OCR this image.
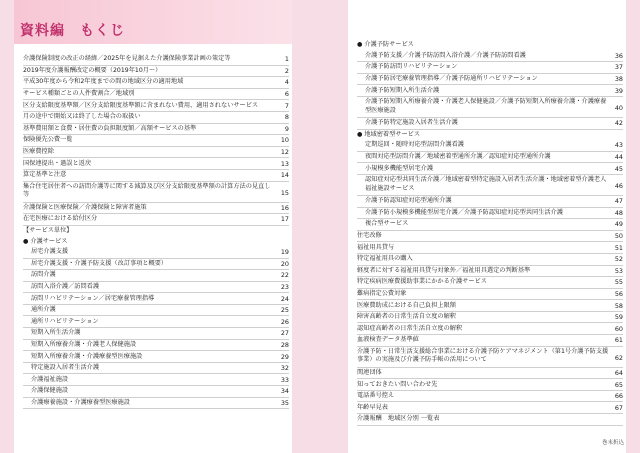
資料編　もくじ
介護保険制度の改正の経緯／2025年を見据えた介護保険事業計画の策定等	1
2019年度介護報酬改定の概要（2019年10月～）	2
平成30年度から令和2年度までの間の地域区分の適用地域	4
サービス種類ごとの人件費割合／地域別	6
区分支給限度基準額／区分支給限度基準額に含まれない費用、適用されないサービス	7
月の途中で開始又は終了した場合の取扱い	8
基準費用額と食費・居住費の負担限度額／高額サービスの基準	9
保険優先公費一覧	10
医療費控除	12
国保連提出・過誤と返戻	13
算定基準と注意	14
集合住宅居住者への訪問介護等に関する減算及び区分支給限度基準額の計算方法の見直し等	15
介護保険と医療保険／介護保険と障害者施策	16
在宅医療における給付区分	17
【サービス単位】
● 介護サービス
居宅介護支援	19
居宅介護支援・介護予防支援（改訂事項と概要）	20
訪問介護	22
訪問入浴介護／訪問看護	23
訪問リハビリテーション／居宅療養管理指導	24
通所介護	25
通所リハビリテーション	26
短期入所生活介護	27
短期入所療養介護・介護老人保健施設	28
短期入所療養介護・介護療養型医療施設	29
特定施設入居者生活介護	32
介護福祉施設	33
介護保健施設	34
介護療養施設・介護療養型医療施設	35
● 介護予防サービス
介護予防支援／介護予防訪問入浴介護／介護予防訪問看護	36
介護予防訪問リハビリテーション	37
介護予防居宅療養管理指導／介護予防通所リハビリテーション	38
介護予防短期入所生活介護	39
介護予防短期入所療養介護・介護老人保健施設／介護予防短期入所療養介護・介護療養型医療施設	40
介護予防特定施設入居者生活介護	42
● 地域密着型サービス
定期巡回・随時対応型訪問介護看護	43
夜間対応型訪問介護／地域密着型通所介護／認知症対応型通所介護	44
小規模多機能型居宅介護	45
認知症対応型共同生活介護／地域密着型特定施設入居者生活介護・地域密着型介護老人福祉施設サービス	46
介護予防認知症対応型通所介護	47
介護予防小規模多機能型居宅介護／介護予防認知症対応型共同生活介護	48
複合型サービス	49
住宅改修	50
福祉用具貸与	51
特定福祉用具の購入	52
軽度者に対する福祉用具貸与対象外／福祉用具選定の判断基準	53
特定疾病医療費援助事業にかかる介護サービス	55
難病指定公費対象	56
医療費助成における自己負担上限額	58
障害高齢者の日常生活自立度の解釈	59
認知症高齢者の日常生活自立度の解釈	60
血液検査データ基準値	61
介護予防・日常生活支援総合事業における介護予防ケアマネジメント（第1号介護予防支援事業）の実施及び介護予防手帳の活用について	62
関連団体	64
知っておきたい問い合わせ先	65
電話番号控え	66
年齢早見表	67
介護報酬　地域区分別 一覧表
巻末折込
